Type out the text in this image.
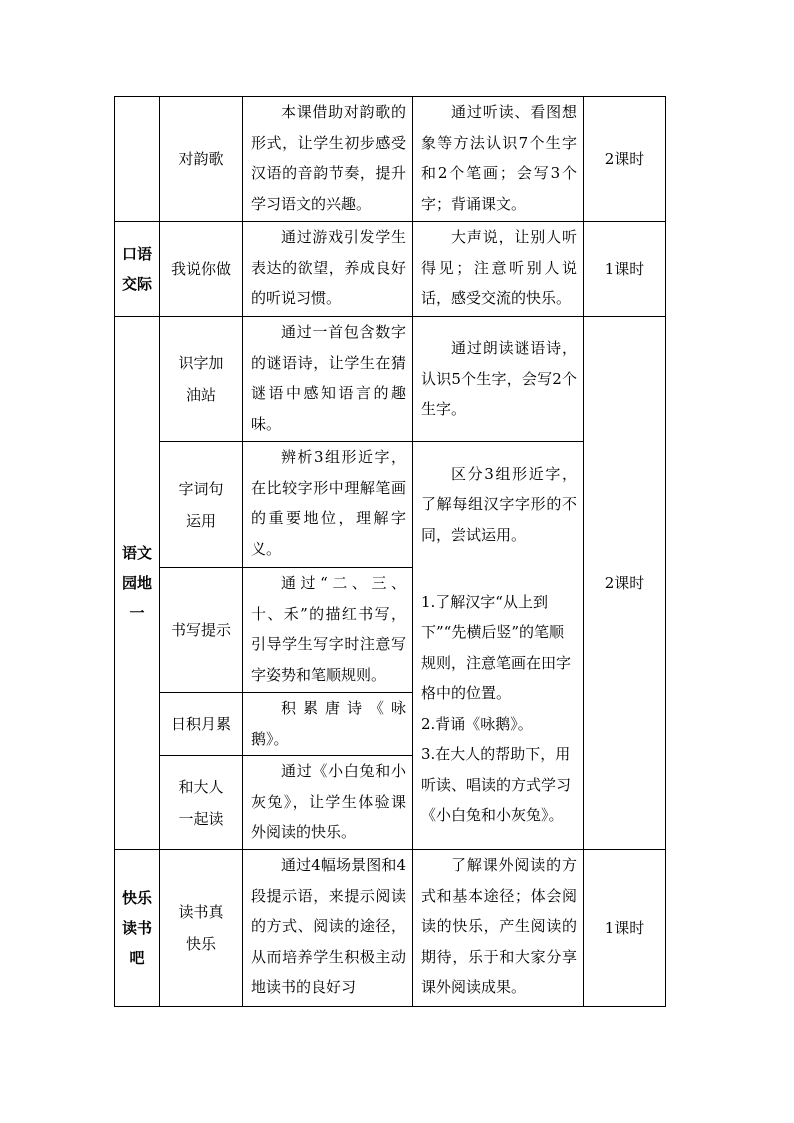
对韵歌
本课借助对韵歌的形式，让学生初步感受汉语的音韵节奏，提升学习语文的兴趣。
通过听读、看图想象等方法认识7个生字和2个笔画；会写3个字；背诵课文。
2课时
口语交际
我说你做
通过游戏引发学生表达的欲望，养成良好的听说习惯。
大声说，让别人听得见；注意听别人说话，感受交流的快乐。
1课时
语文园地一
2课时
识字加油站
通过一首包含数字的谜语诗，让学生在猜谜语中感知语言的趣味。
通过朗读谜语诗，认识5个生字，会写2个生字。
字词句运用
辨析3组形近字，在比较字形中理解笔画的重要地位，理解字义。
区分3组形近字，了解每组汉字字形的不同，尝试运用。
书写提示
通过“二、三、十、禾”的描红书写，引导学生写字时注意写字姿势和笔顺规则。
日积月累
积累唐诗《咏鹅》。
和大人一起读
通过《小白兔和小灰兔》，让学生体验课外阅读的快乐。
1.了解汉字“从上到下”“先横后竖”的笔顺规则，注意笔画在田字格中的位置。
2.背诵《咏鹅》。
3.在大人的帮助下，用听读、唱读的方式学习《小白兔和小灰兔》。
快乐读书吧
读书真快乐
通过4幅场景图和4段提示语，来提示阅读的方式、阅读的途径，从而培养学生积极主动地读书的良好习
了解课外阅读的方式和基本途径；体会阅读的快乐，产生阅读的期待，乐于和大家分享课外阅读成果。
1课时
